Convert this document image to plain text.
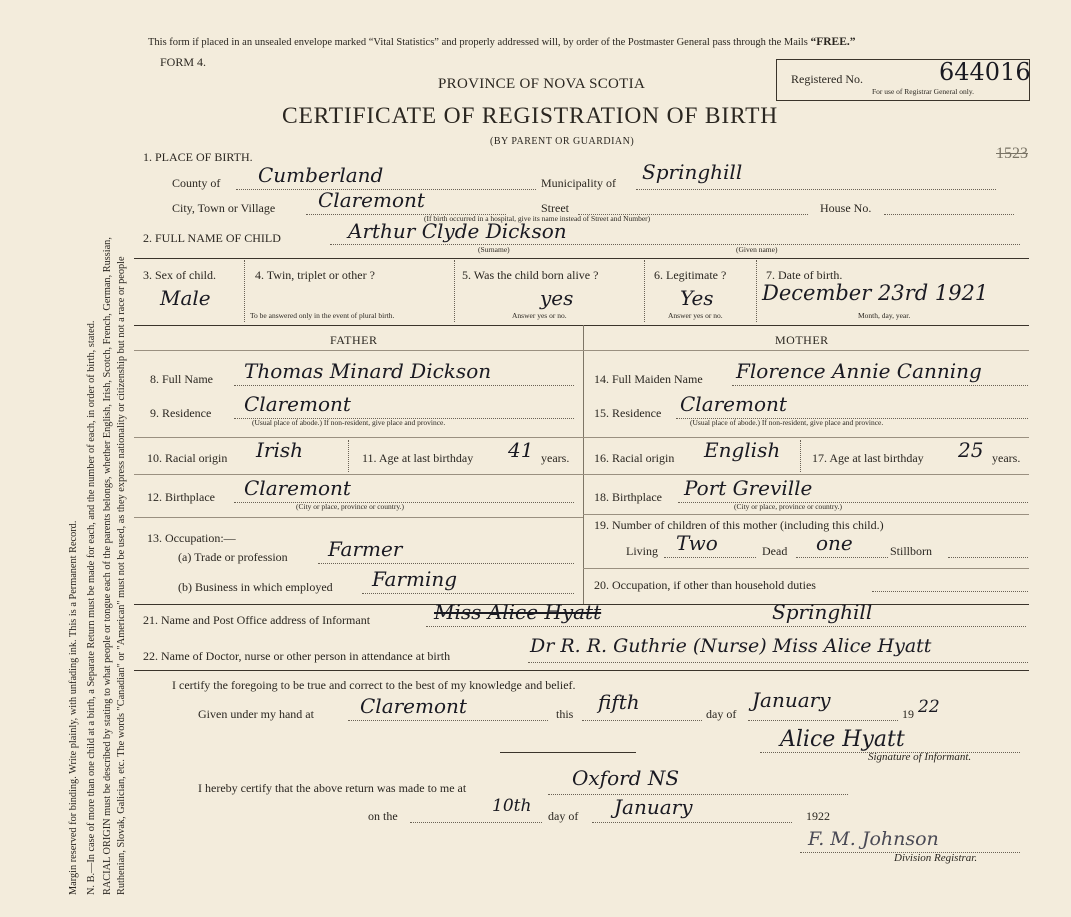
Margin reserved for binding. Write plainly, with unfading ink. This is a Permanent Record. N. B.—In case of more than one child at a birth, a Separate Return must be made for each, and the number of each, in order of birth, stated. RACIAL ORIGIN must be described by stating to what people or tongue each of the parents belongs, whether English, Irish, Scotch, French, German, Russian, Ruthenian, Slovak, Galician, etc. The words "Canadian" or "American" must not be used, as they express nationality or citizenship but not a race or people
This form if placed in an unsealed envelope marked “Vital Statistics” and properly addressed will, by order of the Postmaster General pass through the Mails “FREE.”
FORM 4.
PROVINCE OF NOVA SCOTIA
CERTIFICATE OF REGISTRATION OF BIRTH
(BY PARENT OR GUARDIAN)
Registered No.	644016
For use of Registrar General only.
1523
1. PLACE OF BIRTH.
County of Cumberland	Municipality of Springhill
City, Town or Village Claremont	Street	House No.
(If birth occurred in a hospital, give its name instead of Street and Number)
2. FULL NAME OF CHILD	Arthur Clyde Dickson
(Surname)	(Given name)
3. Sex of child.
Male
4. Twin, triplet or other ?
To be answered only in the event of plural birth.
5. Was the child born alive ?
yes
Answer yes or no.
6. Legitimate ?
Yes
Answer yes or no.
7. Date of birth.
December 23rd 1921
Month, day, year.
FATHER	MOTHER
8. Full Name Thomas Minard Dickson
9. Residence Claremont
(Usual place of abode.) If non-resident, give place and province.
10. Racial origin Irish	11. Age at last birthday 41 years.
12. Birthplace Claremont
(City or place, province or country.)
13. Occupation:—
(a) Trade or profession Farmer
(b) Business in which employed Farming
14. Full Maiden Name Florence Annie Canning
15. Residence Claremont
(Usual place of abode.) If non-resident, give place and province.
16. Racial origin English	17. Age at last birthday 25 years.
18. Birthplace Port Greville
(City or place, province or country.)
19. Number of children of this mother (including this child.)
Living Two	Dead one	Stillborn
20. Occupation, if other than household duties
21. Name and Post Office address of Informant	Miss Alice Hyatt	Springhill
22. Name of Doctor, nurse or other person in attendance at birth	Dr R. R. Guthrie (Nurse) Miss Alice Hyatt
I certify the foregoing to be true and correct to the best of my knowledge and belief.
Given under my hand at Claremont	this fifth	day of
January
19 22
Alice Hyatt
Signature of Informant.
I hereby certify that the above return was made to me at	Oxford NS
on the	10th day of January	1922
F. M. Johnson
Division Registrar.
